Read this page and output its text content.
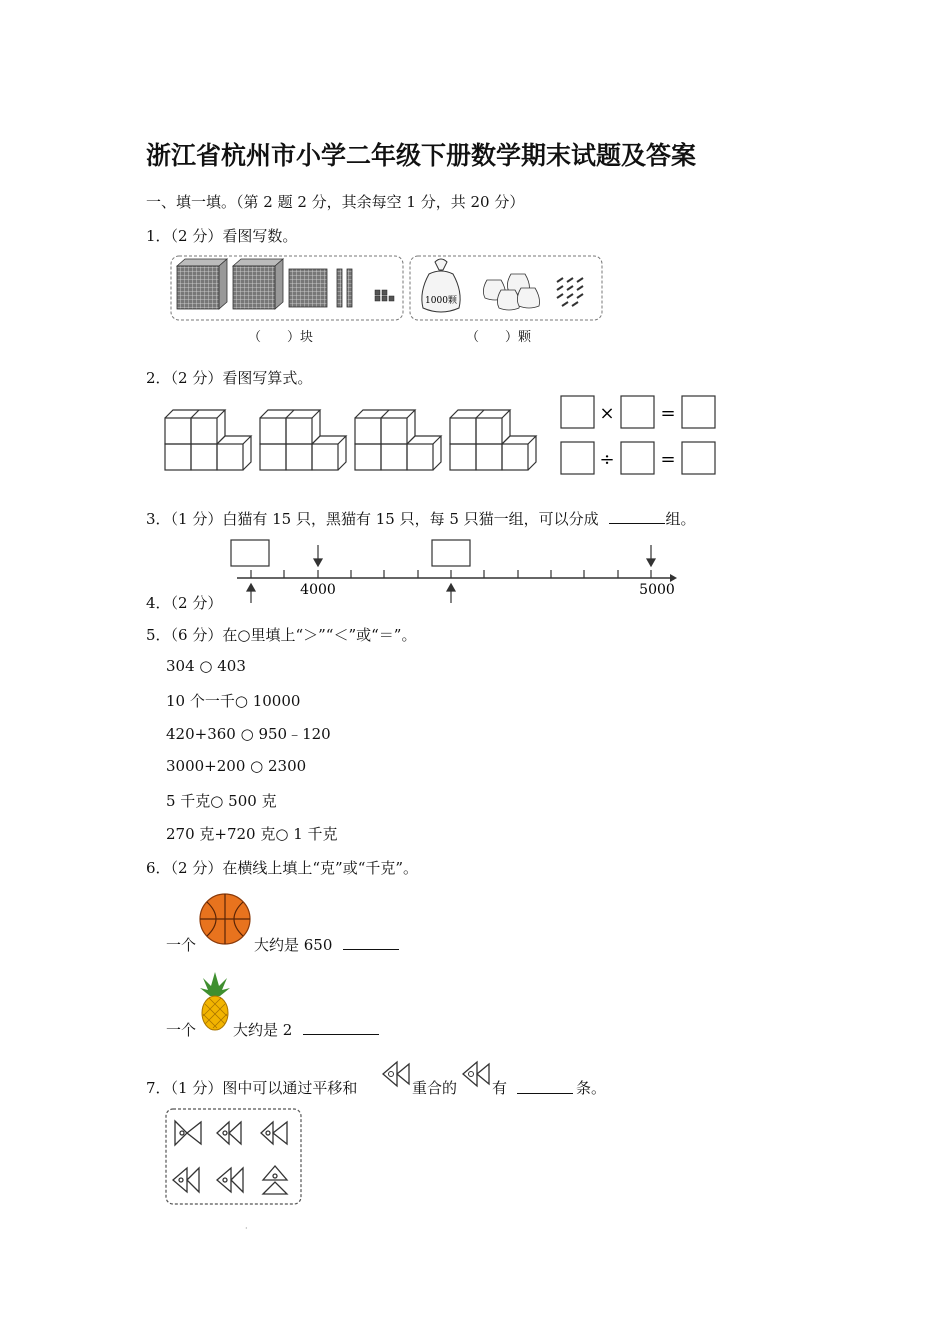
浙江省杭州市小学二年级下册数学期末试题及答案
一、填一填。（第 2 题 2 分，其余每空 1 分，共 20 分）
1．（2 分）看图写数。
（　　）块
1000颗
（　　）颗
2．（2 分）看图写算式。
×	=
÷	=
3．（1 分）白猫有 15 只，黑猫有 15 只，每 5 只猫一组，可以分成	组。
4．（2 分）
4000	5000
5．（6 分）在○里填上“＞”“＜”或“＝”。
304 ○ 403
10 个一千○ 10000
420+360 ○ 950﹣120
3000+200 ○ 2300
5 千克○ 500 克
270 克+720 克○ 1 千克
6．（2 分）在横线上填上“克”或“千克”。
一个	大约是 650
一个 大约是 2
7．（1 分）图中可以通过平移和	重合的 有	条。
·
